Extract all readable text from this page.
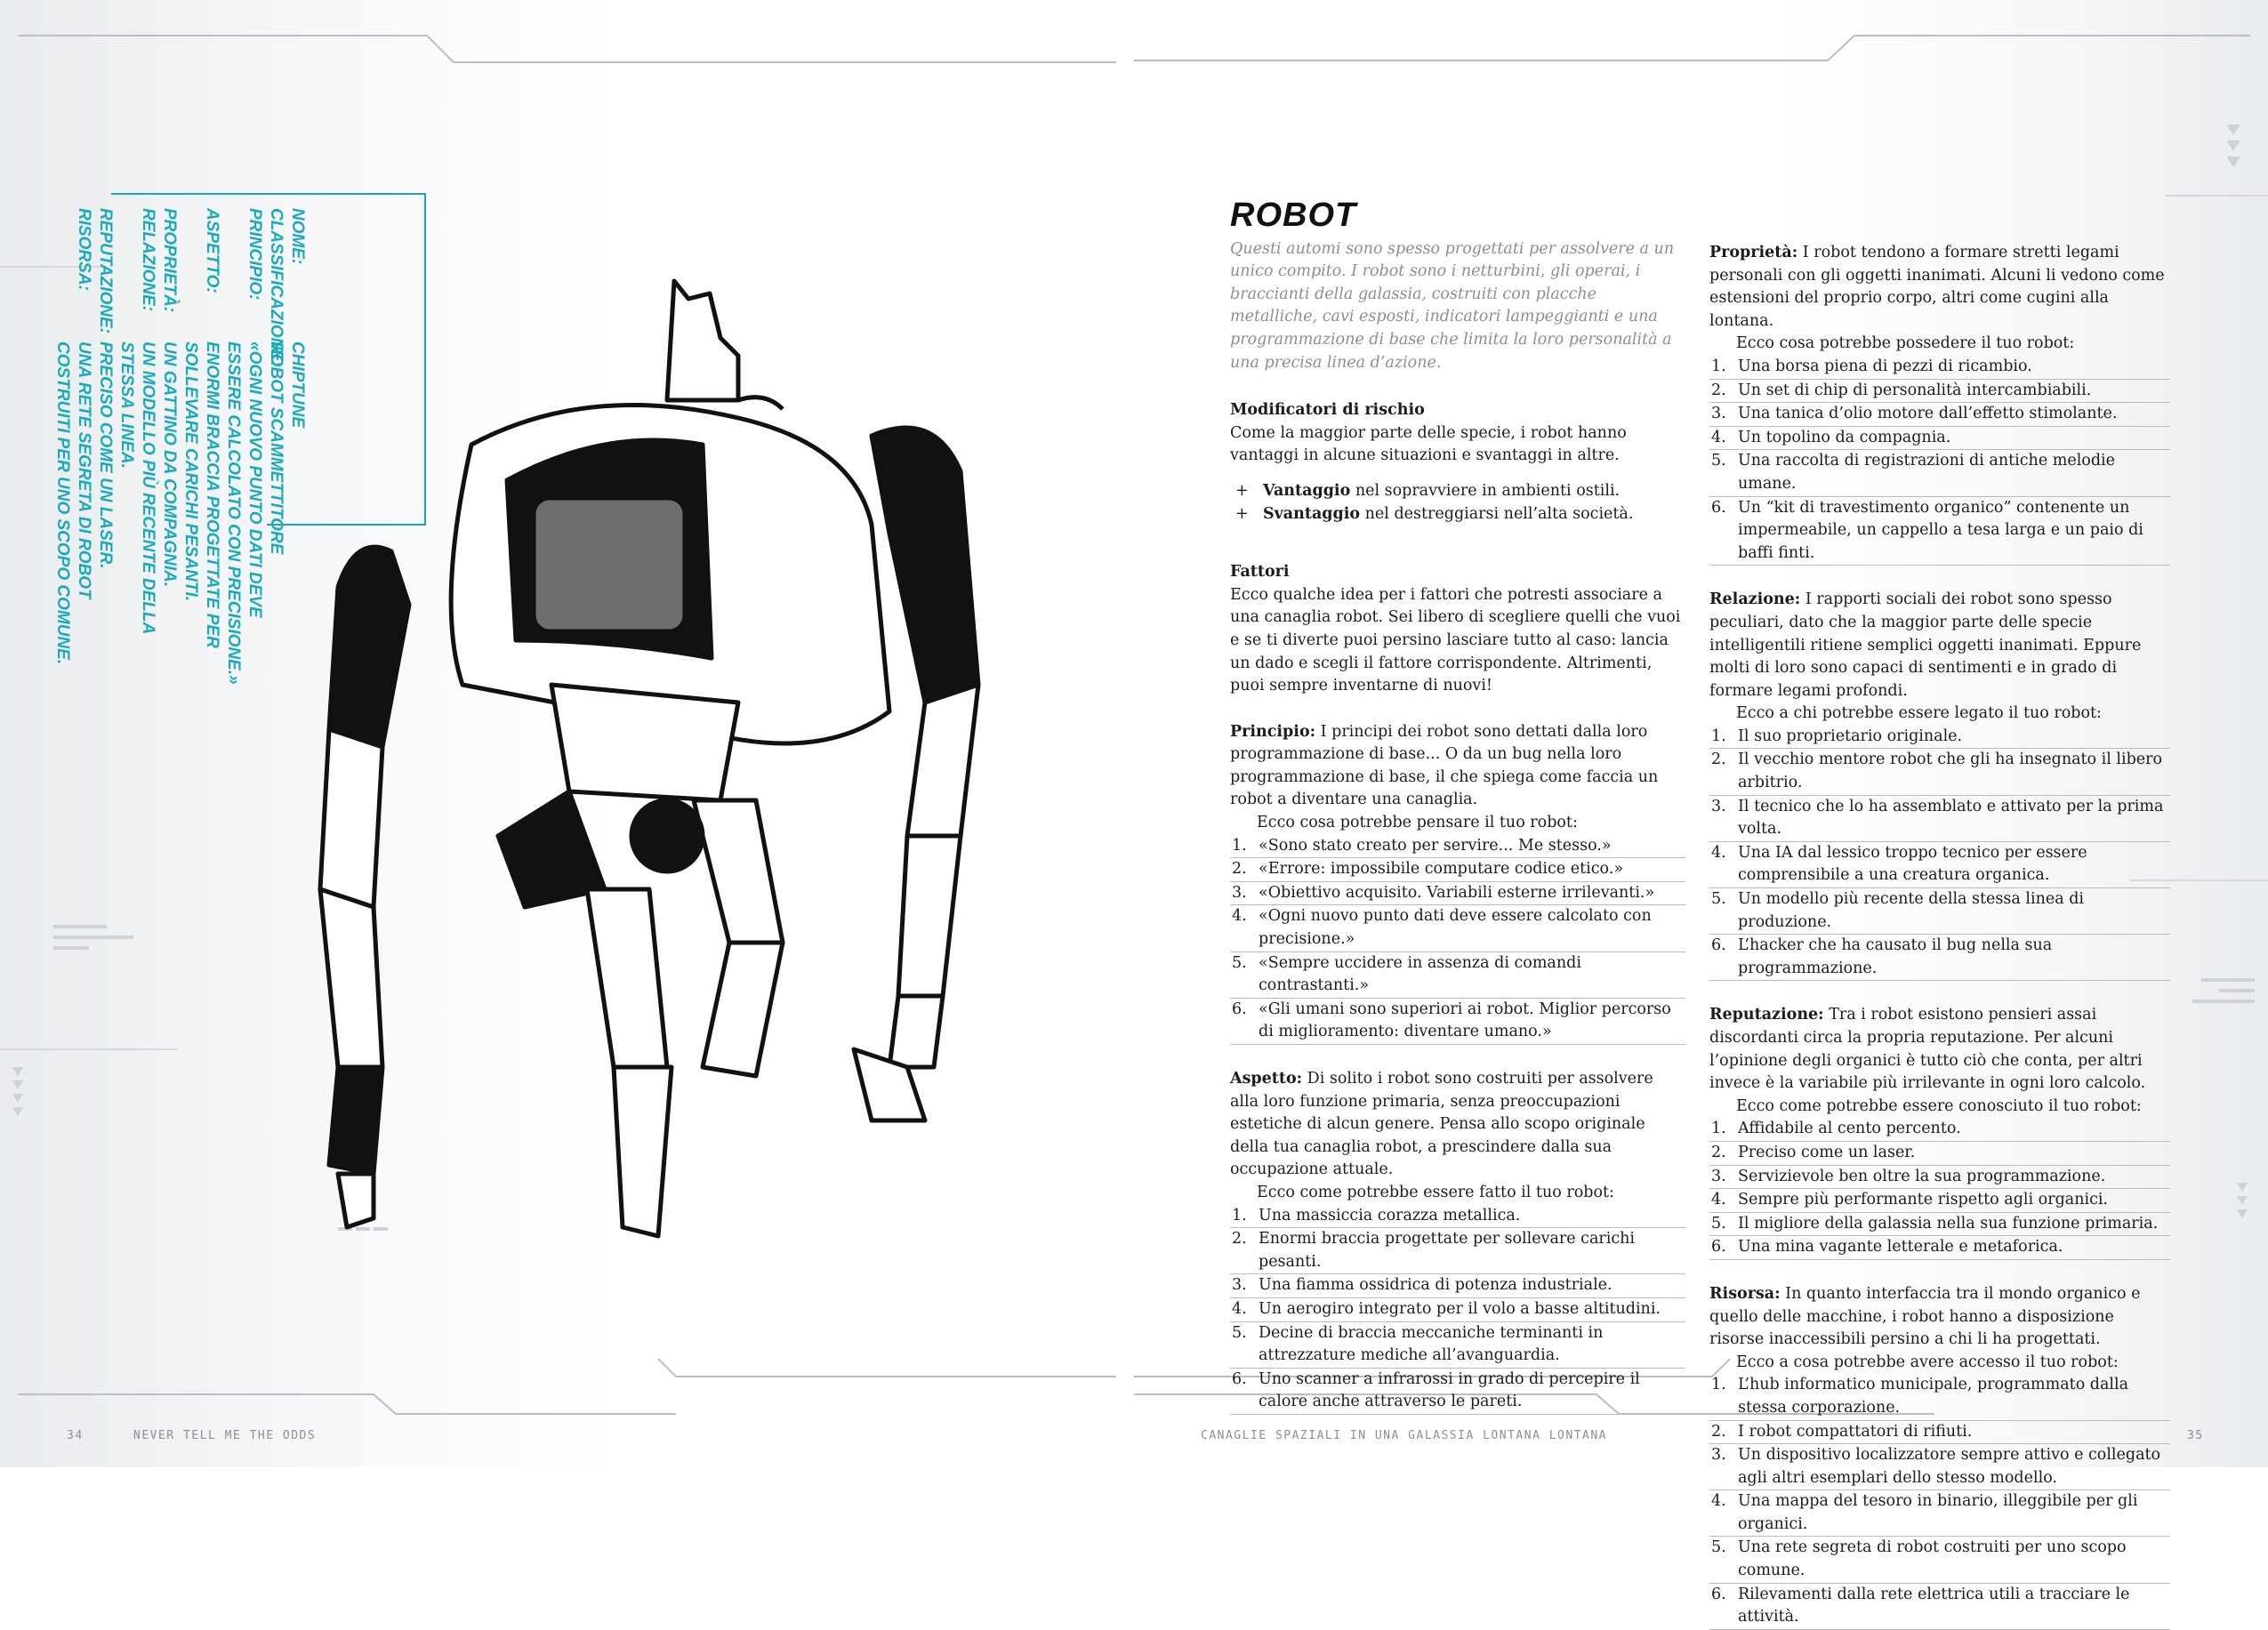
NOME:
CHIPTUNE
CLASSIFICAZIONE:
ROBOT SCAMMETTITORE
PRINCIPIO:
«OGNI NUOVO PUNTO DATI DEVE ESSERE CALCOLATO CON PRECISIONE.»
ASPETTO:
ENORMI BRACCIA PROGETTATE PER SOLLEVARE CARICHI PESANTI.
PROPRIETÀ:
UN GATTINO DA COMPAGNIA.
RELAZIONE:
UN MODELLO PIÙ RECENTE DELLA STESSA LINEA.
REPUTAZIONE:
PRECISO COME UN LASER.
RISORSA:
UNA RETE SEGRETA DI ROBOT COSTRUITI PER UNO SCOPO COMUNE.
34	NEVER TELL ME THE ODDS
ROBOT

Questi automi sono spesso progettati per assolvere a un unico compito. I robot sono i netturbini, gli operai, i braccianti della galassia, costruiti con placche metalliche, cavi esposti, indicatori lampeggianti e una programmazione di base che limita la loro personalità a una precisa linea d’azione.

Modificatori di rischio

Come la maggior parte delle specie, i robot hanno vantaggi in alcune situazioni e svantaggi in altre.

+ Vantaggio nel sopravviere in ambienti ostili.
+ Svantaggio nel destreggiarsi nell’alta società.

Fattori

Ecco qualche idea per i fattori che potresti associare a una canaglia robot. Sei libero di scegliere quelli che vuoi e se ti diverte puoi persino lasciare tutto al caso: lancia un dado e scegli il fattore corrispondente. Altrimenti, puoi sempre inventarne di nuovi!

Principio: I principi dei robot sono dettati dalla loro programmazione di base... O da un bug nella loro programmazione di base, il che spiega come faccia un robot a diventare una canaglia.

Ecco cosa potrebbe pensare il tuo robot:

1. «Sono stato creato per servire... Me stesso.»
2. «Errore: impossibile computare codice etico.»
3. «Obiettivo acquisito. Variabili esterne irrilevanti.»
4. «Ogni nuovo punto dati deve essere calcolato con precisione.»
5. «Sempre uccidere in assenza di comandi contrastanti.»
6. «Gli umani sono superiori ai robot. Miglior percorso di miglioramento: diventare umano.»

Aspetto: Di solito i robot sono costruiti per assolvere alla loro funzione primaria, senza preoccupazioni estetiche di alcun genere. Pensa allo scopo originale della tua canaglia robot, a prescindere dalla sua occupazione attuale.

Ecco come potrebbe essere fatto il tuo robot:

1. Una massiccia corazza metallica.
2. Enormi braccia progettate per sollevare carichi pesanti.
3. Una fiamma ossidrica di potenza industriale.
4. Un aerogiro integrato per il volo a basse altitudini.
5. Decine di braccia meccaniche terminanti in attrezzature mediche all’avanguardia.
6. Uno scanner a infrarossi in grado di percepire il calore anche attraverso le pareti.

Proprietà: I robot tendono a formare stretti legami personali con gli oggetti inanimati. Alcuni li vedono come estensioni del proprio corpo, altri come cugini alla lontana.

Ecco cosa potrebbe possedere il tuo robot:

1. Una borsa piena di pezzi di ricambio.
2. Un set di chip di personalità intercambiabili.
3. Una tanica d’olio motore dall’effetto stimolante.
4. Un topolino da compagnia.
5. Una raccolta di registrazioni di antiche melodie umane.
6. Un “kit di travestimento organico” contenente un impermeabile, un cappello a tesa larga e un paio di baffi finti.

Relazione: I rapporti sociali dei robot sono spesso peculiari, dato che la maggior parte delle specie intelligentili ritiene semplici oggetti inanimati. Eppure molti di loro sono capaci di sentimenti e in grado di formare legami profondi.

Ecco a chi potrebbe essere legato il tuo robot:

1. Il suo proprietario originale.
2. Il vecchio mentore robot che gli ha insegnato il libero arbitrio.
3. Il tecnico che lo ha assemblato e attivato per la prima volta.
4. Una IA dal lessico troppo tecnico per essere comprensibile a una creatura organica.
5. Un modello più recente della stessa linea di produzione.
6. L’hacker che ha causato il bug nella sua programmazione.

Reputazione: Tra i robot esistono pensieri assai discordanti circa la propria reputazione. Per alcuni l’opinione degli organici è tutto ciò che conta, per altri invece è la variabile più irrilevante in ogni loro calcolo.

Ecco come potrebbe essere conosciuto il tuo robot:

1. Affidabile al cento percento.
2. Preciso come un laser.
3. Servizievole ben oltre la sua programmazione.
4. Sempre più performante rispetto agli organici.
5. Il migliore della galassia nella sua funzione primaria.
6. Una mina vagante letterale e metaforica.

Risorsa: In quanto interfaccia tra il mondo organico e quello delle macchine, i robot hanno a disposizione risorse inaccessibili persino a chi li ha progettati.

Ecco a cosa potrebbe avere accesso il tuo robot:

1. L’hub informatico municipale, programmato dalla stessa corporazione.
2. I robot compattatori di rifiuti.
3. Un dispositivo localizzatore sempre attivo e collegato agli altri esemplari dello stesso modello.
4. Una mappa del tesoro in binario, illeggibile per gli organici.
5. Una rete segreta di robot costruiti per uno scopo comune.
6. Rilevamenti dalla rete elettrica utili a tracciare le attività.
CANAGLIE SPAZIALI IN UNA GALASSIA LONTANA LONTANA	35
